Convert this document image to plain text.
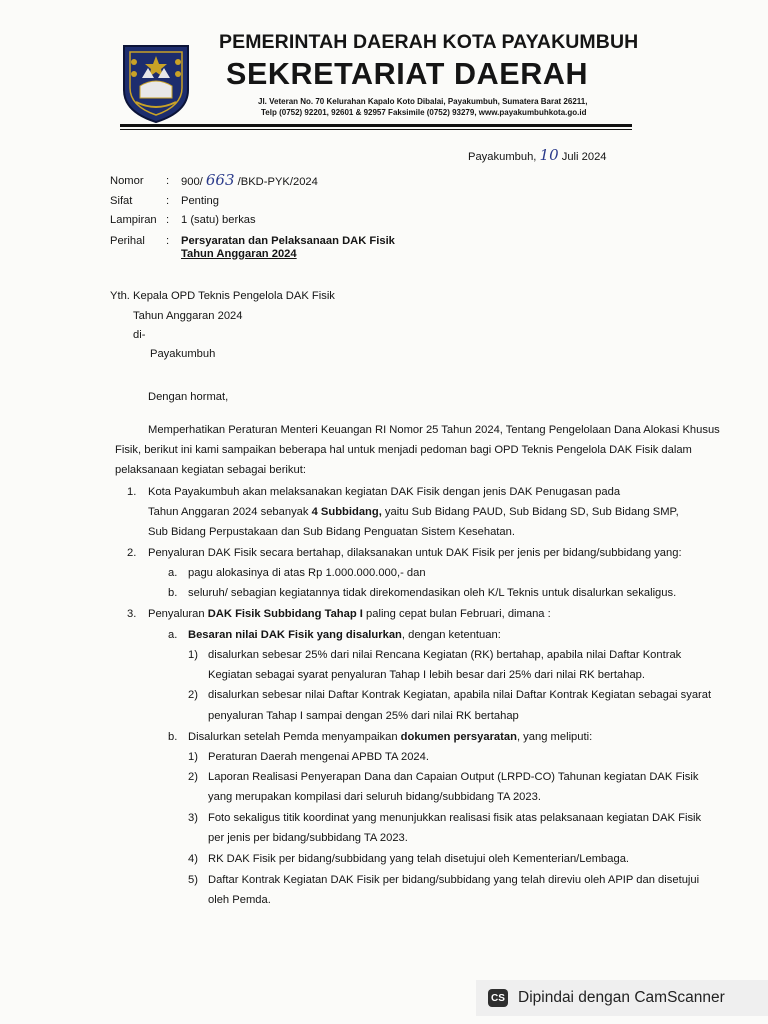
PEMERINTAH DAERAH KOTA PAYAKUMBUH
SEKRETARIAT DAERAH
Jl. Veteran No. 70 Kelurahan Kapalo Koto Dibalai, Payakumbuh, Sumatera Barat 26211,
Telp (0752) 92201, 92601 & 92957 Faksimile (0752) 93279, www.payakumbuhkota.go.id
Payakumbuh, 10 Juli 2024
Nomor : 900/ 663 /BKD-PYK/2024
Sifat	: Penting
Lampiran : 1 (satu) berkas
Perihal : Persyaratan dan Pelaksanaan DAK Fisik
Tahun Anggaran 2024
Yth. Kepala OPD Teknis Pengelola DAK Fisik
Tahun Anggaran 2024
di-
Payakumbuh
Dengan hormat,
Memperhatikan Peraturan Menteri Keuangan RI Nomor 25 Tahun 2024, Tentang Pengelolaan Dana Alokasi Khusus
Fisik, berikut ini kami sampaikan beberapa hal untuk menjadi pedoman bagi OPD Teknis Pengelola DAK Fisik dalam
pelaksanaan kegiatan sebagai berikut:
1. Kota Payakumbuh akan melaksanakan kegiatan DAK Fisik dengan jenis DAK Penugasan pada
Tahun Anggaran 2024 sebanyak 4 Subbidang, yaitu Sub Bidang PAUD, Sub Bidang SD, Sub Bidang SMP,
Sub Bidang Perpustakaan dan Sub Bidang Penguatan Sistem Kesehatan.
2. Penyaluran DAK Fisik secara bertahap, dilaksanakan untuk DAK Fisik per jenis per bidang/subbidang yang:
a. pagu alokasinya di atas Rp 1.000.000.000,- dan
b. seluruh/ sebagian kegiatannya tidak direkomendasikan oleh K/L Teknis untuk disalurkan sekaligus.
3. Penyaluran DAK Fisik Subbidang Tahap I paling cepat bulan Februari, dimana :
a. Besaran nilai DAK Fisik yang disalurkan, dengan ketentuan:
1) disalurkan sebesar 25% dari nilai Rencana Kegiatan (RK) bertahap, apabila nilai Daftar Kontrak
Kegiatan sebagai syarat penyaluran Tahap I lebih besar dari 25% dari nilai RK bertahap.
2) disalurkan sebesar nilai Daftar Kontrak Kegiatan, apabila nilai Daftar Kontrak Kegiatan sebagai syarat
penyaluran Tahap I sampai dengan 25% dari nilai RK bertahap
b. Disalurkan setelah Pemda menyampaikan dokumen persyaratan, yang meliputi:
1) Peraturan Daerah mengenai APBD TA 2024.
2) Laporan Realisasi Penyerapan Dana dan Capaian Output (LRPD-CO) Tahunan kegiatan DAK Fisik
yang merupakan kompilasi dari seluruh bidang/subbidang TA 2023.
3) Foto sekaligus titik koordinat yang menunjukkan realisasi fisik atas pelaksanaan kegiatan DAK Fisik
per jenis per bidang/subbidang TA 2023.
4) RK DAK Fisik per bidang/subbidang yang telah disetujui oleh Kementerian/Lembaga.
5) Daftar Kontrak Kegiatan DAK Fisik per bidang/subbidang yang telah direviu oleh APIP dan disetujui
oleh Pemda.
CS Dipindai dengan CamScanner
